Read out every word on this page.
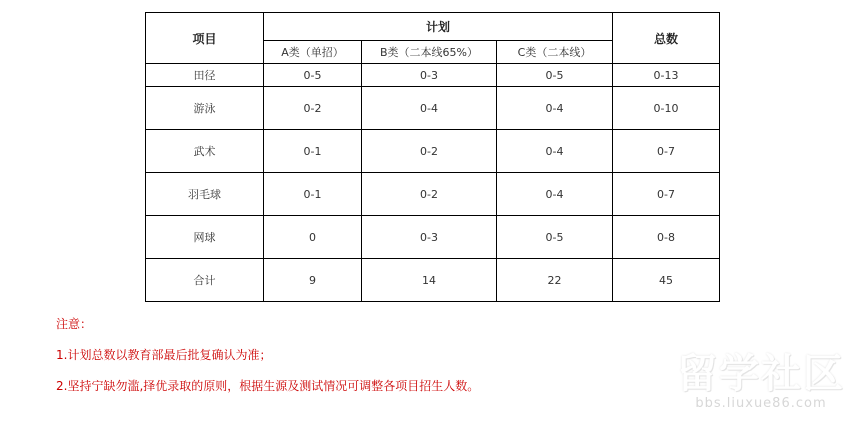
项目	计划			总数
	A类（单招）	B类（二本线65%）	C类（二本线）	
田径	0-5	0-3	0-5	0-13
游泳	0-2	0-4	0-4	0-10
武术	0-1	0-2	0-4	0-7
羽毛球	0-1	0-2	0-4	0-7
网球	0	0-3	0-5	0-8
合计	9	14	22	45
注意：
1.计划总数以教育部最后批复确认为准；
2.坚持宁缺勿滥,择优录取的原则，根据生源及测试情况可调整各项目招生人数。	留学社区
bbs.liuxue86.com
